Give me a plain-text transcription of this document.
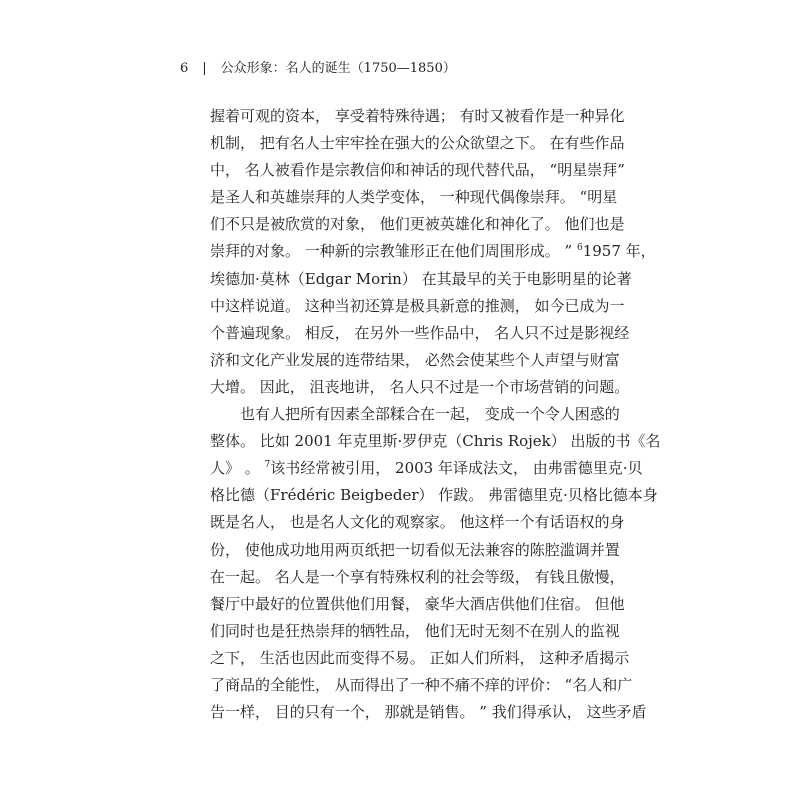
6 | 公众形象：名人的诞生（1750—1850）
握着可观的资本， 享受着特殊待遇； 有时又被看作是一种异化
机制， 把有名人士牢牢拴在强大的公众欲望之下。 在有些作品
中， 名人被看作是宗教信仰和神话的现代替代品， “明星崇拜”
是圣人和英雄崇拜的人类学变体， 一种现代偶像崇拜。 “明星
们不只是被欣赏的对象， 他们更被英雄化和神化了。 他们也是
崇拜的对象。 一种新的宗教雏形正在他们周围形成。 ” $^6$1957 年，
埃德加·莫林（Edgar Morin） 在其最早的关于电影明星的论著
中这样说道。 这种当初还算是极具新意的推测， 如今已成为一
个普遍现象。 相反， 在另外一些作品中， 名人只不过是影视经
济和文化产业发展的连带结果， 必然会使某些个人声望与财富
大增。 因此， 沮丧地讲， 名人只不过是一个市场营销的问题。
也有人把所有因素全部糅合在一起， 变成一个令人困惑的
整体。 比如 2001 年克里斯·罗伊克（Chris Rojek） 出版的书《名
人》 。 $^7$该书经常被引用， 2003 年译成法文， 由弗雷德里克·贝
格比德（Frédéric Beigbeder） 作跋。 弗雷德里克·贝格比德本身
既是名人， 也是名人文化的观察家。 他这样一个有话语权的身
份， 使他成功地用两页纸把一切看似无法兼容的陈腔滥调并置
在一起。 名人是一个享有特殊权利的社会等级， 有钱且傲慢，
餐厅中最好的位置供他们用餐， 豪华大酒店供他们住宿。 但他
们同时也是狂热崇拜的牺牲品， 他们无时无刻不在别人的监视
之下， 生活也因此而变得不易。 正如人们所料， 这种矛盾揭示
了商品的全能性， 从而得出了一种不痛不痒的评价： “名人和广
告一样， 目的只有一个， 那就是销售。 ” 我们得承认， 这些矛盾
